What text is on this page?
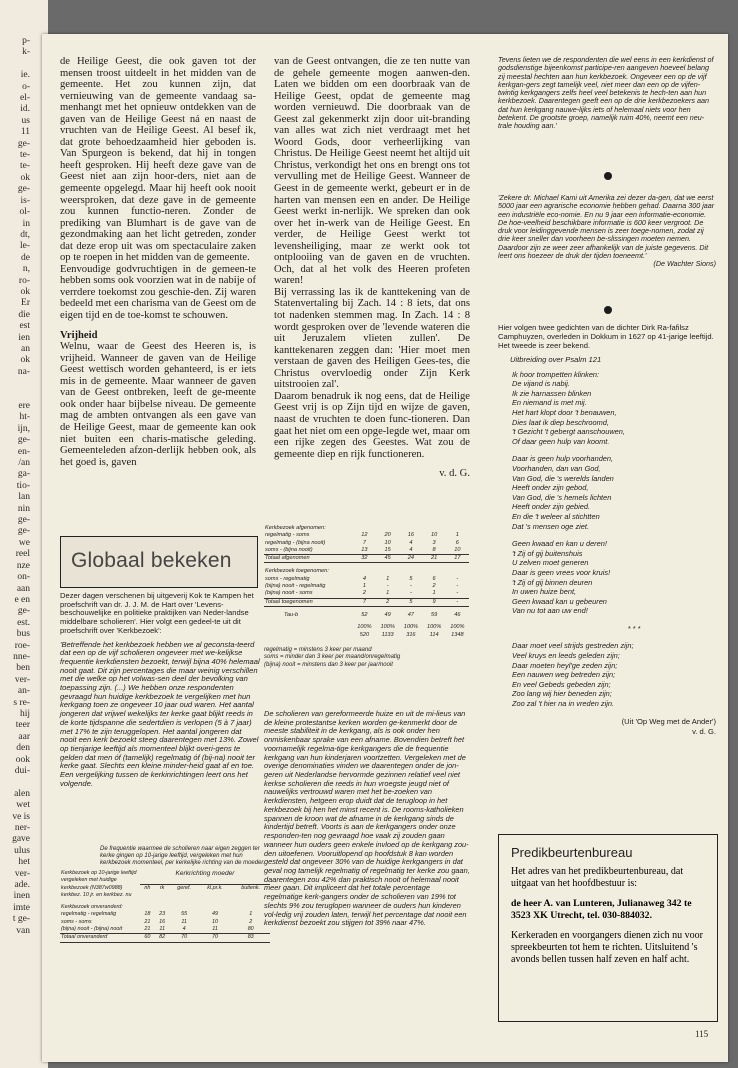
p-
k-

ie.
o-
el-
id.
us
11
ge-
te-
te-
ok
ge-
is-
ol-
in
dt,
le-
de
n,
ro-
ok
Er
die
est
ien
an
ok
na-

ere
ht-
ijn,
ge-
en-
/an
ga-
tio-
lan
nin
ge-
ge-
we
reel
nze
on-
aan
e en
ge-
est.
bus
roe-
nne-
ben
ver-
an-
s re-
hij
teer
aar
den
ook
dui-

alen
wet
ve is
ner-
gave
ulus
het
ver-
ade.
inen
imte
t ge-
van

de Heilige Geest, die ook gaven tot der mensen troost uitdeelt in het midden van de gemeente. Het zou kunnen zijn, dat vernieuwing van de gemeente vandaag sa-menhangt met het opnieuw ontdekken van de gaven van de Heilige Geest ná en naast de vruchten van de Heilige Geest. Al besef ik, dat grote behoedzaamheid hier geboden is. Van Spurgeon is bekend, dat hij in tongen heeft gesproken. Hij heeft deze gave van de Geest niet aan zijn hoor-ders, niet aan de gemeente opgelegd. Maar hij heeft ook nooit weersproken, dat deze gave in de gemeente zou kunnen functio-neren. Zonder de prediking van Blumhart is de gave van de gezondmaking aan het licht getreden, zonder dat deze erop uit was om spectaculaire zaken op te roepen in het midden van de gemeente.

Eenvoudige godvruchtigen in de gemeen-te hebben soms ook voorzien wat in de nabije of verrdere toekomst zou geschie-den. Zij waren bedeeld met een charisma van de Geest om de eigen tijd en de toe-komst te schouwen.

Vrijheid

Welnu, waar de Geest des Heeren is, is vrijheid. Wanneer de gaven van de Heilige Geest wettisch worden gehanteerd, is er iets mis in de gemeente. Maar wanneer de gaven van de Geest ontbreken, leeft de ge-meente ook onder haar bijbelse niveau. De gemeente mag de ambten ontvangen als een gave van de Heilige Geest, maar de gemeente kan ook niet buiten een charis-matische geleding. Gemeenteleden afzon-derlijk hebben ook, als het goed is, gaven

van de Geest ontvangen, die ze ten nutte van de gehele gemeente mogen aanwen-den. Laten we bidden om een doorbraak van de Heilige Geest, opdat de gemeente mag worden vernieuwd. Die doorbraak van de Geest zal gekenmerkt zijn door uit-branding van alles wat zich niet verdraagt met het Woord Gods, door verheerlijking van Christus. De Heilige Geest neemt het altijd uit Christus, verkondigt het ons en brengt ons tot vervulling met de Heilige Geest. Wanneer de Geest in de gemeente werkt, gebeurt er in de harten van mensen een en ander. De Heilige Geest werkt in-nerlijk. We spreken dan ook over het in-werk van de Heilige Geest. En verder, de Heilige Geest werkt tot levensheiliging, maar ze werkt ook tot ontplooiing van de gaven en de vruchten. Och, dat al het volk des Heeren profeten waren!

Bij verrassing las ik de kanttekening van de Statenvertaling bij Zach. 14 : 8 iets, dat ons tot nadenken stemmen mag. In Zach. 14 : 8 wordt gesproken over de 'levende wateren die uit Jeruzalem vlieten zullen'. De kanttekenaren zeggen dan: 'Hier moet men verstaan de gaven des Heiligen Gees-tes, die Christus overvloedig onder Zijn Kerk uitstrooien zal'.

Daarom benadruk ik nog eens, dat de Heilige Geest vrij is op Zijn tijd en wijze de gaven, naast de vruchten te doen func-tioneren. Dan gaat het niet om een opge-legde wet, maar om een rijke zegen des Geestes. Wat zou de gemeente diep en rijk functioneren.

v. d. G.

Tevens lieten we de respondenten die wel eens in een kerkdienst of godsdienstige bijeenkomst participe-ren aangeven hoeveel belang zij meestal hechten aan hun kerkbezoek. Ongeveer een op de vijf kerkgan-gers zegt tamelijk veel, niet meer dan een op de vijfen-twintig kerkgangers zelfs heel veel betekenis te hech-ten aan hun kerkbezoek. Daarentegen geeft een op de drie kerkbezoekers aan dat hun kerkgang nauwe-lijks iets of helemaal niets voor hen betekent. De grootste groep, namelijk ruim 40%, neemt een neu-trale houding aan.'

'Zekere dr. Michael Kami uit Amerika zei dezer da-gen, dat we eerst 5000 jaar een agrarische economie hebben gehad. Daarna 300 jaar een industriële eco-nomie. En nu 9 jaar een informatie-economie. De hoe-veelheid beschikbare informatie is 600 keer vergroot. De druk voor leidinggevende mensen is zeer toege-nomen, zodat zij drie keer sneller dan voorheen be-slissingen moeten nemen. Daardoor zijn ze weer zeer afhankelijk van de juiste gegevens. Dit leert ons hoezeer de druk der tijden toeneemt.'

(De Wachter Sions)

Hier volgen twee gedichten van de dichter Dirk Ra-fafilsz Camphuyzen, overleden in Dokkum in 1627 op 41-jarige leeftijd. Het tweede is zeer bekend.

Uitbreiding over Psalm 121

Ik hoor trompetten klinken:
De vijand is nabij.
Ik zie harnassen blinken
En niemand is met mij.
Het hart klopt door 't benauwen,
Dies laat ik diep beschroomd,
't Gezicht 't gebergt aanschouwen,
Of daar geen hulp van koomt.

Daar is geen hulp voorhanden,
Voorhanden, dan van God,
Van God, die 's werelds landen
Heeft onder zijn gebod,
Van God, die 's hemels lichten
Heeft onder zijn gebied.
En die 't weleer al stichtten
Dat 's mensen oge ziet.

Geen kwaad en kan u deren!
't Zij of gij buitenshuis
U zelven moet generen
Daar is geen vrees voor kruis!
't Zij of gij binnen deuren
In uwen huize bent,
Geen kwaad kan u gebeuren
Van nu tot aan uw end!

* * *

Daar moet veel strijds gestreden zijn;
Veel kruys en leeds geleden zijn;
Daar moeten heyl'ge zeden zijn;
Een nauwen weg betreden zijn;
En veel Gebeds gebeden zijn;
Zoo lang wij hier beneden zijn;
Zoo zal 't hier na in vreden zijn.

(Uit 'Op Weg met de Ander')

v. d. G.

Globaal bekeken

Dezer dagen verschenen bij uitgeverij Kok te Kampen het proefschrift van dr. J. J. M. de Hart over 'Levens-beschouwelijke en politieke praktijken van Neder-landse middelbare scholieren'. Hier volgt een gedeel-te uit dit proefschrift over 'Kerkbezoek':

'Betreffende het kerkbezoek hebben we al geconsta-teerd dat een op de vijf scholieren ongeveer met we-kelijkse frequentie kerkdiensten bezoekt, terwijl bijna 40% helemaal nooit gaat. Dit zijn percentages die maar weinig verschillen met die welke op het volwas-sen deel der bevolking van toepassing zijn. (...) We hebben onze respondenten gevraagd hun huidige kerkbezoek te vergelijken met hun kerkgang toen ze ongeveer 10 jaar oud waren. Het aantal jongeren dat vrijwel wekelijks ter kerke gaat blijkt reeds in de korte tijdspanne die sedertdien is verlopen (5 à 7 jaar) met 17% te zijn teruggelopen. Het aantal jongeren dat nooit een kerk bezoekt steeg daarentegen met 13%. Zowel op tienjarige leeftijd als momenteel blijkt overi-gens te gelden dat men óf (tamelijk) regelmatig óf (bij-na) nooit ter kerke gaat. Slechts een kleine minder-heid gaat af en toe.

Een vergelijking tussen de kerkinrichtingen leert ons het volgende.

Kerkbezoek afgenomen:					
regelmatig - soms	12	20	16	10	1
regelmatig - (bijna nooit)	7	10	4	3	6
soms - (bijna nooit)	13	15	4	8	10
Totaal afgenomen	32	45	24	21	17

Kerkbezoek toegenomen:					
soms - regelmatig	4	1	5	6	-
(bijna) nooit - regelmatig	1	-	-	2	-
(bijna) nooit - soms	2	1	-	1	-
Totaal toegenomen	7	2	5	9	-

Tau-b	52	49	47	59	46

	100%	100%	100%	100%	100%
	520	1133	316	114	1348
regelmatig = minstens 3 keer per maand
soms = minder dan 3 keer per maand/onregelmatig
(bijna) nooit = minstens dan 3 keer per jaar/nooit

De scholieren van gereformeerde huize en uit de mi-lieus van de kleine protestantse kerken worden ge-kenmerkt door de meeste stabiliteit in de kerkgang, als is ook onder hen onmiskenbaar sprake van een afname. Bovendien betreft het voornamelijk regelma-tige kerkgangers die de frequentie kerkgang van hun kinderjaren voortzetten. Vergeleken met de overige denominaties vinden we daarentegen onder de jon-geren uit Nederlandse hervormde gezinnen relatief veel niet kerkse scholieren die reeds in hun vroegste jeugd niet of nauwelijks vertrouwd waren met het be-zoeken van kerkdiensten, hetgeen erop duidt dat de terugloop in het kerkbezoek bij hen het minst recent is. De rooms-katholieken spannen de kroon wat de afname in de kerkgang sinds de kindertijd betreft. Voorts is aan de kerkgangers onder onze responden-ten nog gevraagd hoe vaak zij zouden gaan wanneer hun ouders geen enkele invloed op de kerkgang zou-den uitoefenen. Vooruitlopend op hoofdstuk 8 kan worden gesteld dat ongeveer 30% van de huidige kerkgangers in dat geval nog tamelijk regelmatig of regelmatig ter kerke zou gaan, daarentegen zou 42% dan praktisch nooit of helemaal nooit meer gaan. Dit impliceert dat het totale percentage regelmatige kerk-gangers onder de scholieren van 19% tot slechts 9% zou teruglopen wanneer de ouders hun kinderen vol-ledig vrij zouden laten, terwijl het percentage dat nooit een kerkdienst bezoekt zou stijgen tot 39% naar 47%.

De frequentie waarmee de scholieren naar eigen zeggen ter kerke gingen op 10-jarige leeftijd, vergeleken met hun kerkbezoek momenteel, per kerkelijke richting van de moeder.
Kerkbezoek op 10-jarige leeftijd vergeleken met huidige kerkbezoek (N387w0988) kerkbez. 10 jr. en kerkbez. nu	Kerkrichting moeder				
	nh	rk	geref.	kl.pr.k.	buitenk.

Kerkbezoek onveranderd:					
regelmatig - regelmatig	18	23	55	49	1
soms - soms	21	16	11	10	2
(bijna) nooit - (bijna) nooit	21	11	4	11	80
Totaal onveranderd	60	82	70	70	83
Predikbeurtenbureau

Het adres van het predikbeurtenbureau, dat uitgaat van het hoofdbestuur is:

de heer A. van Lunteren, Julianaweg 342 te 3523 XK Utrecht, tel. 030-884032.

Kerkeraden en voorgangers dienen zich nu voor spreekbeurten tot hem te richten. Uitsluitend 's avonds bellen tussen half zeven en half acht.

115
